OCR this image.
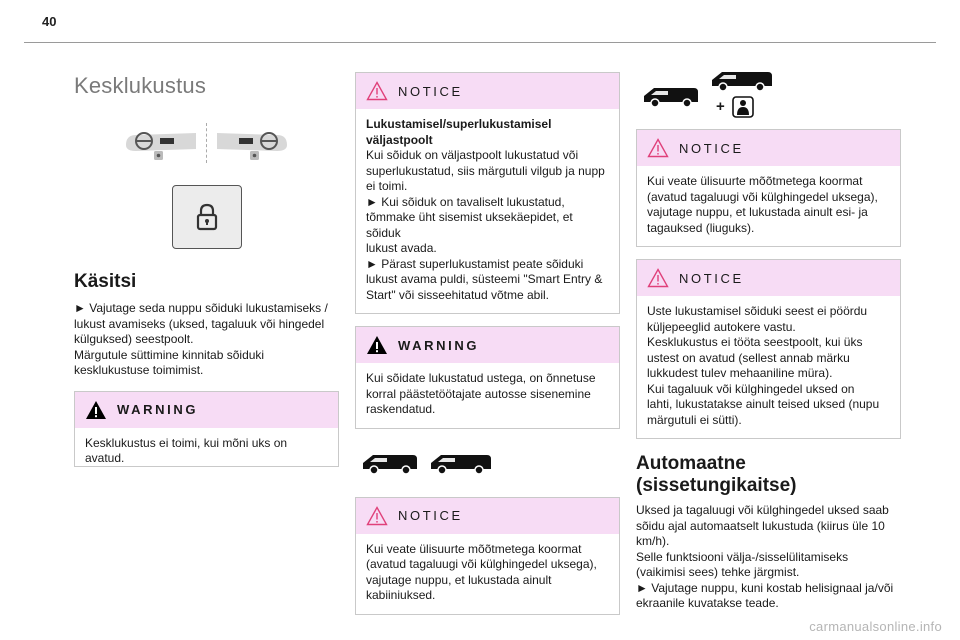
40
Kesklukustus
Käsitsi
► Vajutage seda nuppu sõiduki lukustamiseks /
lukust avamiseks (uksed, tagaluuk või hingedel
külguksed) seestpoolt.
Märgutule süttimine kinnitab sõiduki
kesklukustuse toimimist.
WARNING
Kesklukustus ei toimi, kui mõni uks on avatud.
NOTICE
Lukustamisel/superlukustamisel
väljastpoolt
Kui sõiduk on väljastpoolt lukustatud või
superlukustatud, siis märgutuli vilgub ja nupp
ei toimi.
► Kui sõiduk on tavaliselt lukustatud,
tõmmake üht sisemist uksekäepidet, et sõiduk
lukust avada.
► Pärast superlukustamist peate sõiduki
lukust avama puldi, süsteemi "Smart Entry &
Start" või sisseehitatud võtme abil.
WARNING
Kui sõidate lukustatud ustega, on õnnetuse
korral päästetöötajate autosse sisenemine
raskendatud.
NOTICE
Kui veate ülisuurte mõõtmetega koormat
(avatud tagaluugi või külghingedel uksega),
vajutage nuppu, et lukustada ainult
kabiiniuksed.
+
NOTICE
Kui veate ülisuurte mõõtmetega koormat
(avatud tagaluugi või külghingedel uksega),
vajutage nuppu, et lukustada ainult esi- ja
tagauksed (liuguks).
NOTICE
Uste lukustamisel sõiduki seest ei pöördu
küljepeeglid autokere vastu.
Kesklukustus ei tööta seestpoolt, kui üks
ustest on avatud (sellest annab märku
lukkudest tulev mehaaniline müra).
Kui tagaluuk või külghingedel uksed on
lahti, lukustatakse ainult teised uksed (nupu
märgutuli ei sütti).
Automaatne
(sissetungikaitse)
Uksed ja tagaluugi või külghingedel uksed saab
sõidu ajal automaatselt lukustuda (kiirus üle 10
km/h).
Selle funktsiooni välja-/sisselülitamiseks
(vaikimisi sees) tehke järgmist.
► Vajutage nuppu, kuni kostab helisignaal ja/või
ekraanile kuvatakse teade.
carmanualsonline.info
